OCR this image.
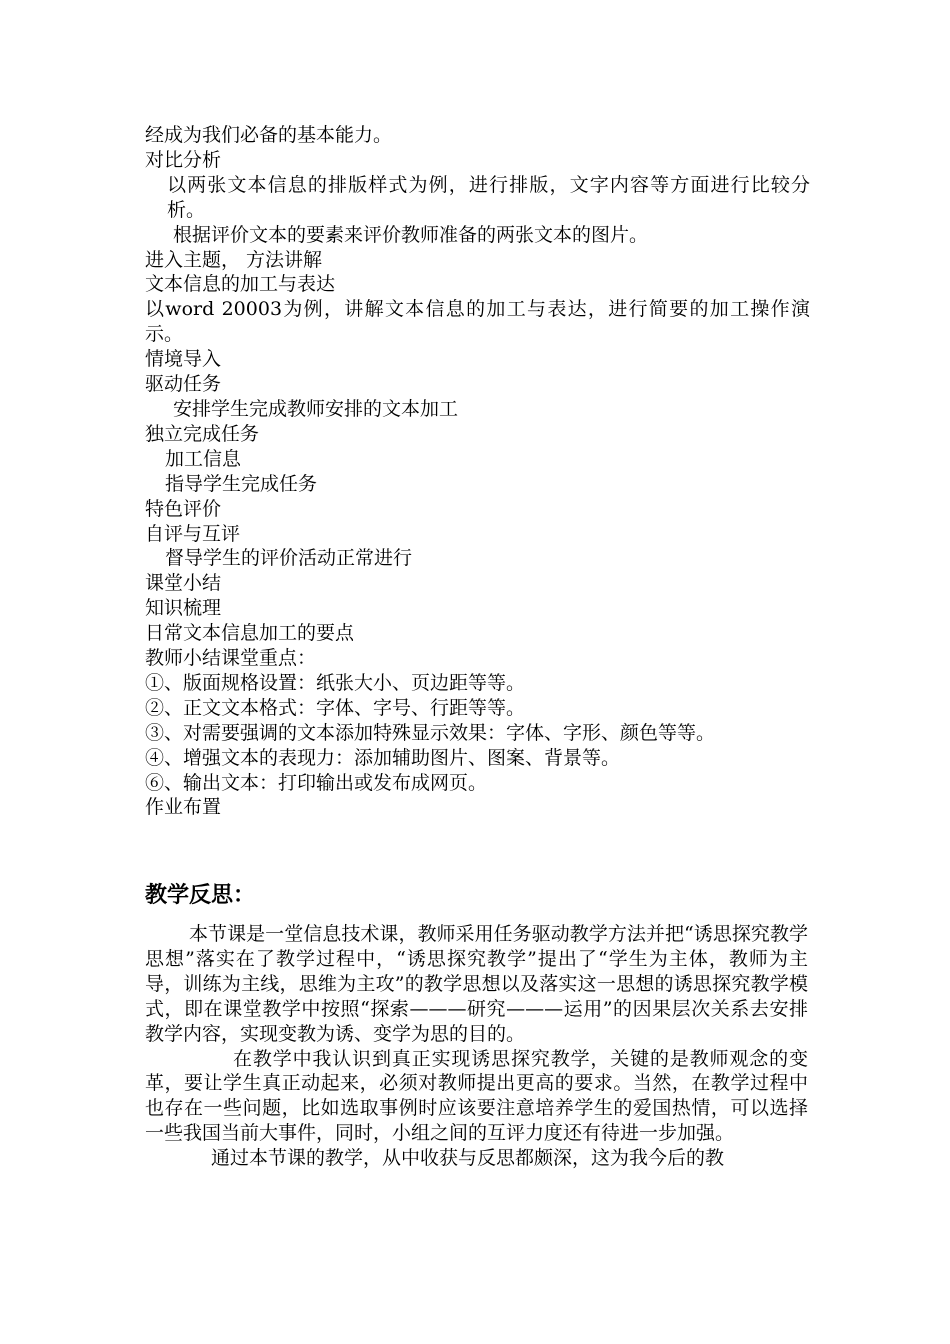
经成为我们必备的基本能力。

对比分析

以两张文本信息的排版样式为例，进行排版，文字内容等方面进行比较分析。

根据评价文本的要素来评价教师准备的两张文本的图片。

进入主题， 方法讲解

文本信息的加工与表达

以word 20003为例，讲解文本信息的加工与表达，进行简要的加工操作演示。

情境导入

驱动任务

安排学生完成教师安排的文本加工

独立完成任务

加工信息

指导学生完成任务

特色评价

自评与互评

督导学生的评价活动正常进行

课堂小结

知识梳理

日常文本信息加工的要点

教师小结课堂重点：

①、版面规格设置：纸张大小、页边距等等。

②、正文文本格式：字体、字号、行距等等。

③、对需要强调的文本添加特殊显示效果：字体、字形、颜色等等。

④、增强文本的表现力：添加辅助图片、图案、背景等。

⑥、输出文本：打印输出或发布成网页。

作业布置

教学反思：

本节课是一堂信息技术课，教师采用任务驱动教学方法并把“诱思探究教学思想”落实在了教学过程中，“诱思探究教学”提出了“学生为主体，教师为主导，训练为主线，思维为主攻”的教学思想以及落实这一思想的诱思探究教学模式，即在课堂教学中按照“探索———研究———运用”的因果层次关系去安排教学内容，实现变教为诱、变学为思的目的。

在教学中我认识到真正实现诱思探究教学，关键的是教师观念的变革，要让学生真正动起来，必须对教师提出更高的要求。当然，在教学过程中也存在一些问题，比如选取事例时应该要注意培养学生的爱国热情，可以选择一些我国当前大事件，同时，小组之间的互评力度还有待进一步加强。

通过本节课的教学，从中收获与反思都颇深，这为我今后的教
